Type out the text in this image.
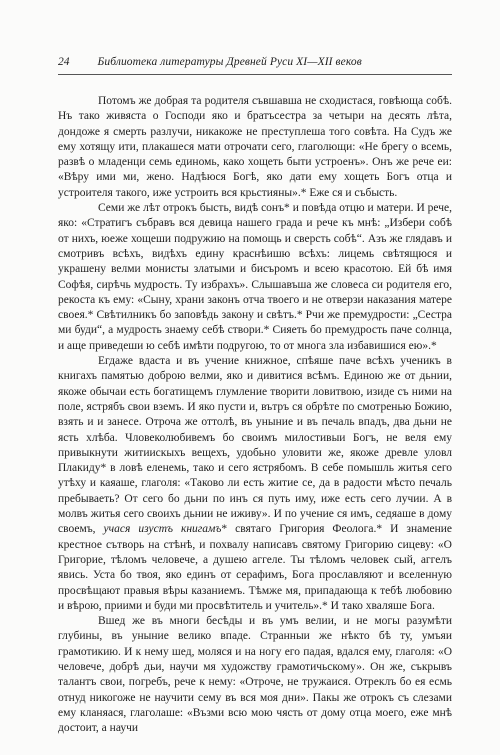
24 Библиотека литературы Древней Руси XI—XII веков

Потомъ же добрая та родителя съвшавша не сходистася, говѣюща собѣ. Нъ тако живяста о Господи яко и братъсестра за четыри на десять лѣта, дондоже я смерть разлучи, никакоже не преступлеша того совѣта. На Судъ же ему хотящу ити, плакашеся мати отрочати сего, глаголющи: «Не брегу о всемь, развѣ о младенци семь единомь, како хощеть быти устроенъ». Онъ же рече еи: «Вѣру ими ми, жено. Надѣюся Богѣ, яко дати ему хощеть Богъ отца и устроителя такого, иже устроить вся крьстияны».* Еже ся и събысть.

Семи же лѣт отрокъ бысть, видѣ сонъ* и повѣда отцю и матери. И рече, яко: «Стратигъ събравъ вся девица нашего града и рече къ мнѣ: „Избери собѣ от нихъ, юеже хощеши подружию на помощь и сверсть собѣ“. Азъ же глядавъ и смотривъ всѣхъ, видѣхъ едину краснѣишю всѣхъ: лицемь свѣтящюся и украшену велми монисты златыми и бисъромъ и всею красотою. Ей бѣ имя Софѣя, сирѣчь мудрость. Ту избрахъ». Слышавъша же словеса си родителя его, рекоста къ ему: «Сыну, храни законъ отча твоего и не отверзи наказания матере своея.* Свѣтилникъ бо заповѣдь закону и свѣтъ.* Рчи же премудрости: „Сестра ми буди“, а мудрость знаему себѣ створи.* Сияеть бо премудрость паче солнца, и аще приведеши ю себѣ имѣти подругою, то от многа зла избавишися ею».*

Егдаже вдаста и въ учение книжное, спѣяше паче всѣхъ ученикъ в книгахъ памятью доброю велми, яко и дивитися всѣмъ. Единою же от дьнии, якоже обычаи есть богатищемъ глумление творити ловитвою, изиде съ ними на поле, ястрябъ свои вземъ. И яко пусти и, вътръ ся обрѣте по смотренью Божию, взять и и занесе. Отроча же оттолѣ, въ уныние и въ печаль впадъ, два дьни не ясть хлѣба. Чловеколюбивемъ бо своимъ милостивыи Богъ, не веля ему привыкнути житиискыхъ вещехъ, удобьно уловити же, якоже древле уловл Плакиду* в ловѣ еленемь, тако и сего ястрябомъ. В себе помышль житья сего утѣху и каяаше, глаголя: «Таково ли есть житие се, да в радости мѣсто печаль пребываеть? От сего бо дьни по инъ ся путь иму, иже есть сего лучии. А в молвъ житья сего своихъ дьнии не иживу». И по учение ся имъ, седяаше в дому своемъ, учася изустъ книгамъ* святаго Григория Феолога.* И знамение крестное сътворь на стѣнѣ, и похвалу написавъ святому Григорию сицеву: «О Григорие, тѣломъ человече, а душею аггеле. Ты тѣломъ человек сый, аггелъ явись. Уста бо твоя, яко единъ от серафимъ, Бога прославляют и вселенную просвѣщают правыя вѣры казаниемъ. Тѣмже мя, припадающа к тебѣ любовию и вѣрою, приими и буди ми просвѣтитель и учитель».* И тако хваляше Бога.

Вшед же въ многи бесѣды и въ умъ велии, и не могы разумѣти глубины, въ уныние велико впаде. Странныи же нѣкто бѣ ту, умъяи грамотикию. И к нему шед, моляся и на ногу его падая, вдался ему, глаголя: «О человече, добрѣ дьи, научи мя художству грамотичьскому». Он же, съкрывъ талантъ свои, погребъ, рече к нему: «Отроче, не тружаися. Отреклъ бо ея есмь отнуд никогоже не научити сему въ вся моя дни». Пакы же отрокъ съ слезами ему кланяася, глаголаше: «Възми всю мою чясть от дому отца моего, еже мнѣ достоит, а научи
